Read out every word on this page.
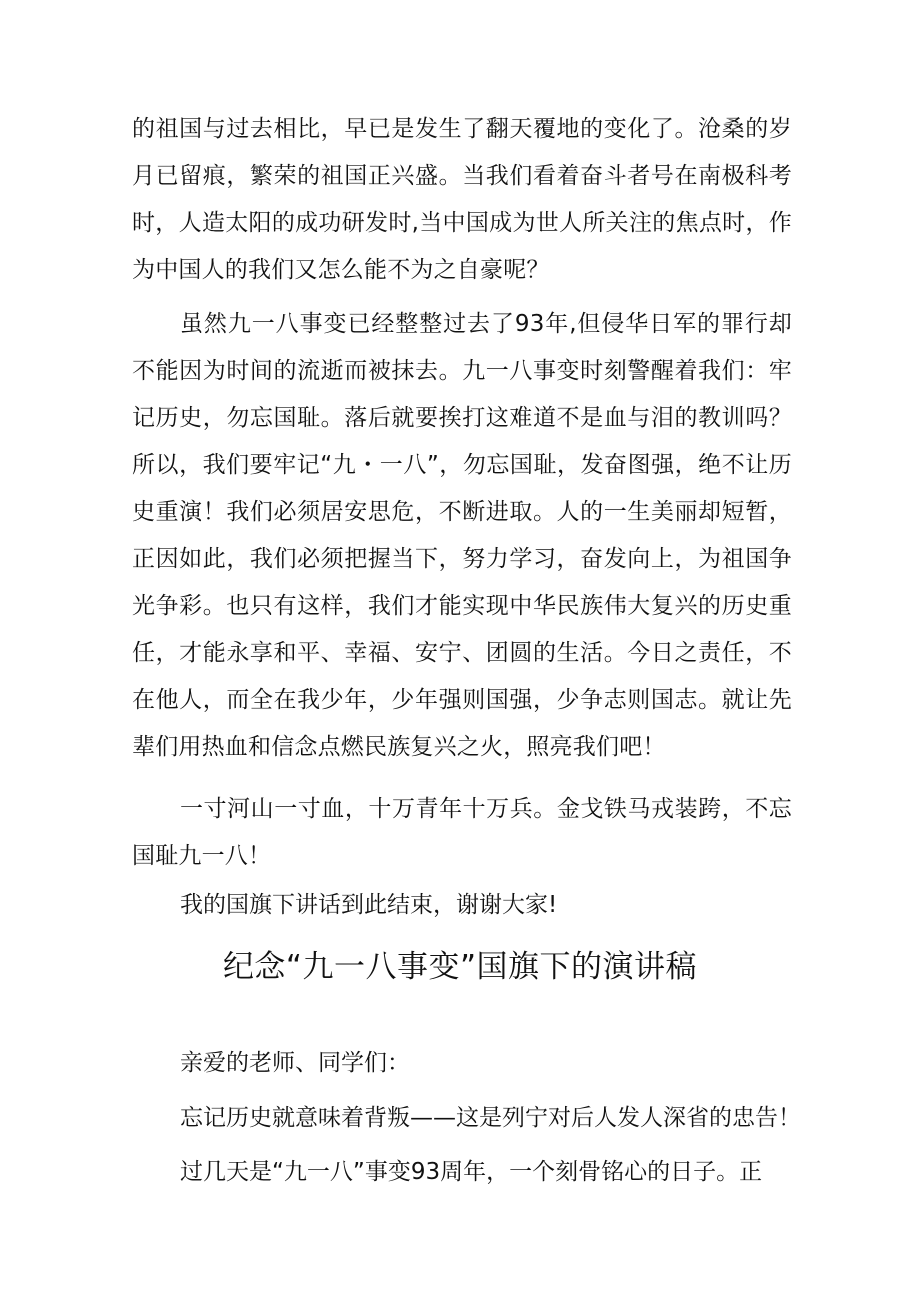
的祖国与过去相比，早已是发生了翻天覆地的变化了。沧桑的岁月已留痕，繁荣的祖国正兴盛。当我们看着奋斗者号在南极科考时，人造太阳的成功研发时,当中国成为世人所关注的焦点时，作为中国人的我们又怎么能不为之自豪呢？

虽然九一八事变已经整整过去了93年,但侵华日军的罪行却不能因为时间的流逝而被抹去。九一八事变时刻警醒着我们：牢记历史，勿忘国耻。落后就要挨打这难道不是血与泪的教训吗？所以，我们要牢记“九・一八”，勿忘国耻，发奋图强，绝不让历史重演！我们必须居安思危，不断进取。人的一生美丽却短暂，正因如此，我们必须把握当下，努力学习，奋发向上，为祖国争光争彩。也只有这样，我们才能实现中华民族伟大复兴的历史重任，才能永享和平、幸福、安宁、团圆的生活。今日之责任，不在他人，而全在我少年，少年强则国强，少争志则国志。就让先辈们用热血和信念点燃民族复兴之火，照亮我们吧！

一寸河山一寸血，十万青年十万兵。金戈铁马戎装跨，不忘国耻九一八！

我的国旗下讲话到此结束，谢谢大家!

纪念“九一八事变”国旗下的演讲稿

亲爱的老师、同学们：

忘记历史就意味着背叛——这是列宁对后人发人深省的忠告！

过几天是“九一八”事变93周年，一个刻骨铭心的日子。正
